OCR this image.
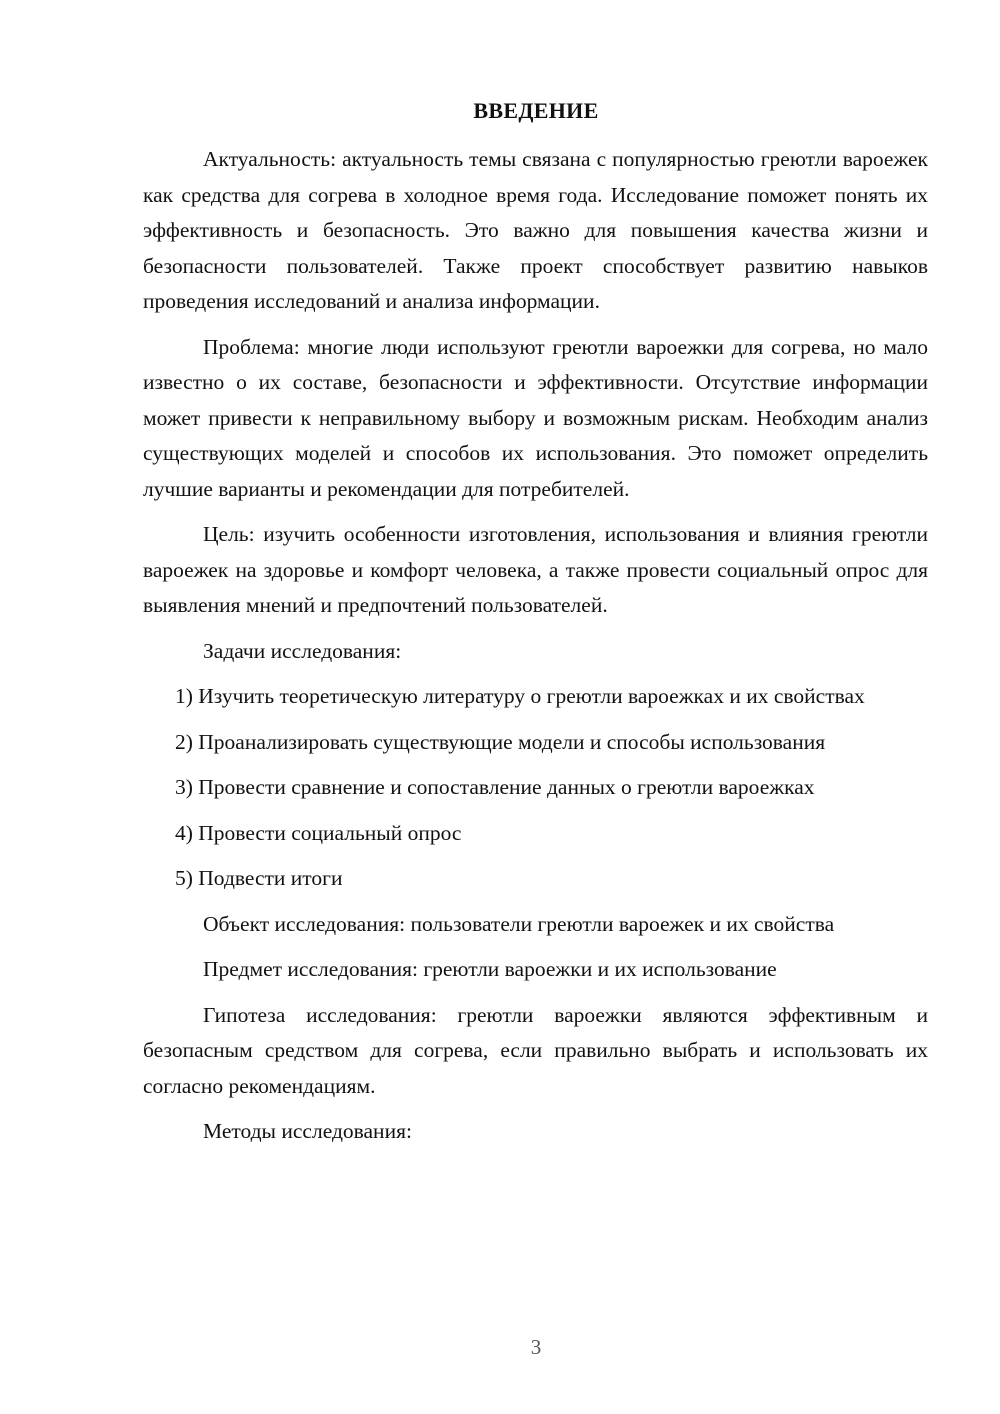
ВВЕДЕНИЕ

Актуальность: актуальность темы связана с популярностью греютли вароежек как средства для согрева в холодное время года. Исследование поможет понять их эффективность и безопасность. Это важно для повышения качества жизни и безопасности пользователей. Также проект способствует развитию навыков проведения исследований и анализа информации.

Проблема: многие люди используют греютли вароежки для согрева, но мало известно о их составе, безопасности и эффективности. Отсутствие информации может привести к неправильному выбору и возможным рискам. Необходим анализ существующих моделей и способов их использования. Это поможет определить лучшие варианты и рекомендации для потребителей.

Цель: изучить особенности изготовления, использования и влияния греютли вароежек на здоровье и комфорт человека, а также провести социальный опрос для выявления мнений и предпочтений пользователей.

Задачи исследования:

1) Изучить теоретическую литературу о греютли вароежках и их свойствах

2) Проанализировать существующие модели и способы использования

3) Провести сравнение и сопоставление данных о греютли вароежках

4) Провести социальный опрос

5) Подвести итоги

Объект исследования: пользователи греютли вароежек и их свойства

Предмет исследования: греютли вароежки и их использование

Гипотеза исследования: греютли вароежки являются эффективным и безопасным средством для согрева, если правильно выбрать и использовать их согласно рекомендациям.

Методы исследования:

3
